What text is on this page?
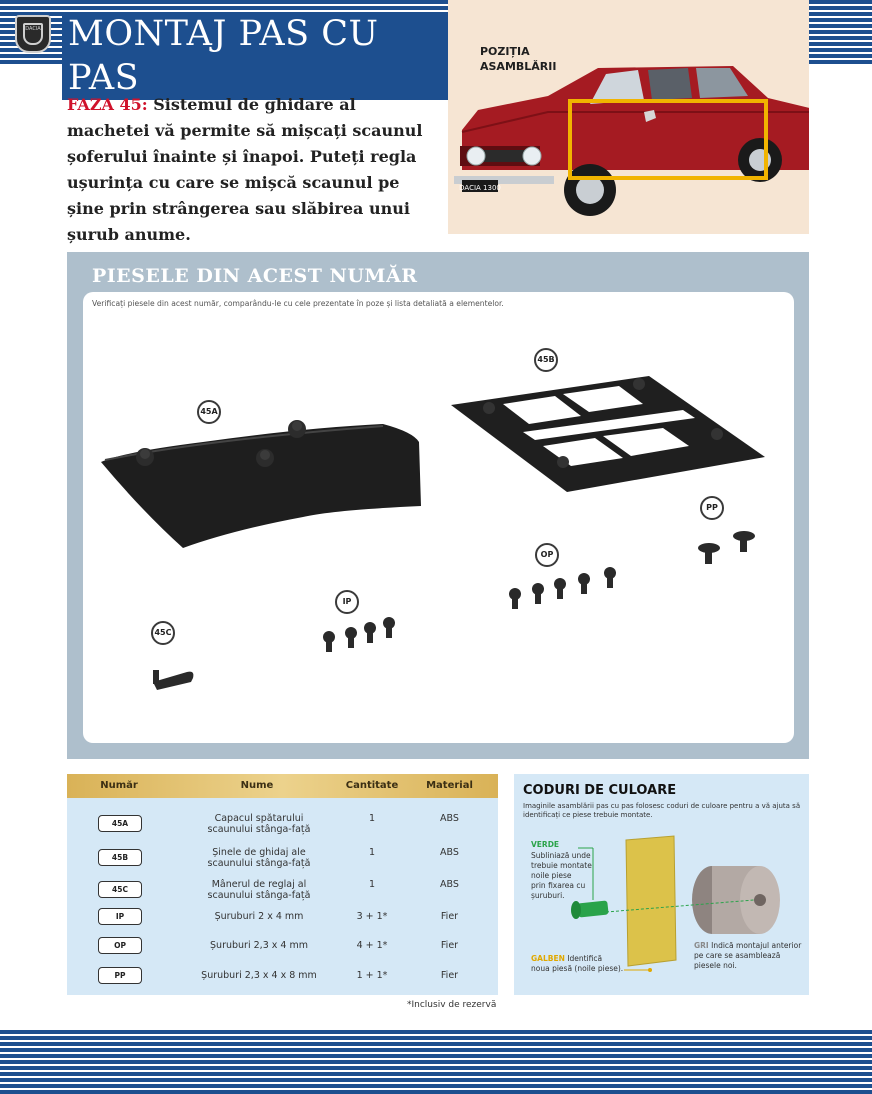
DACIA MONTAJ PAS CU PAS
POZIȚIA
ASAMBLĂRII
DACIA 1300
FAZA 45: Sistemul de ghidare al machetei vă permite să mișcați scaunul șoferului înainte și înapoi. Puteți regla ușurința cu care se mișcă scaunul pe șine prin strângerea sau slăbirea unui șurub anume.
PIESELE DIN ACEST NUMĂR
Verificați piesele din acest număr, comparându-le cu cele prezentate în poze și lista detaliată a elementelor.
45A
45B
45C
IP
OP
PP
Număr	Nume	Cantitate	Material
45A	Capacul spătarului
scaunului stânga-față
1	ABS
45B	Șinele de ghidaj ale
scaunului stânga-față
1	ABS
45C	Mânerul de reglaj al
scaunului stânga-față
1	ABS
IP	Șuruburi 2 x 4 mm	3 + 1*	Fier
OP	Șuruburi 2,3 x 4 mm	4 + 1*	Fier
PP	Șuruburi 2,3 x 4 x 8 mm	1 + 1*	Fier
*Inclusiv de rezervă
CODURI DE CULOARE
Imaginile asamblării pas cu pas folosesc coduri de culoare pentru a vă ajuta să identificați ce piese trebuie montate.
VERDE
Subliniază unde
trebuie montate
noile piese
prin fixarea cu
șuruburi.
GALBEN Identifică
noua piesă (noile piese).
GRI Indică montajul anterior
pe care se asamblează
piesele noi.
